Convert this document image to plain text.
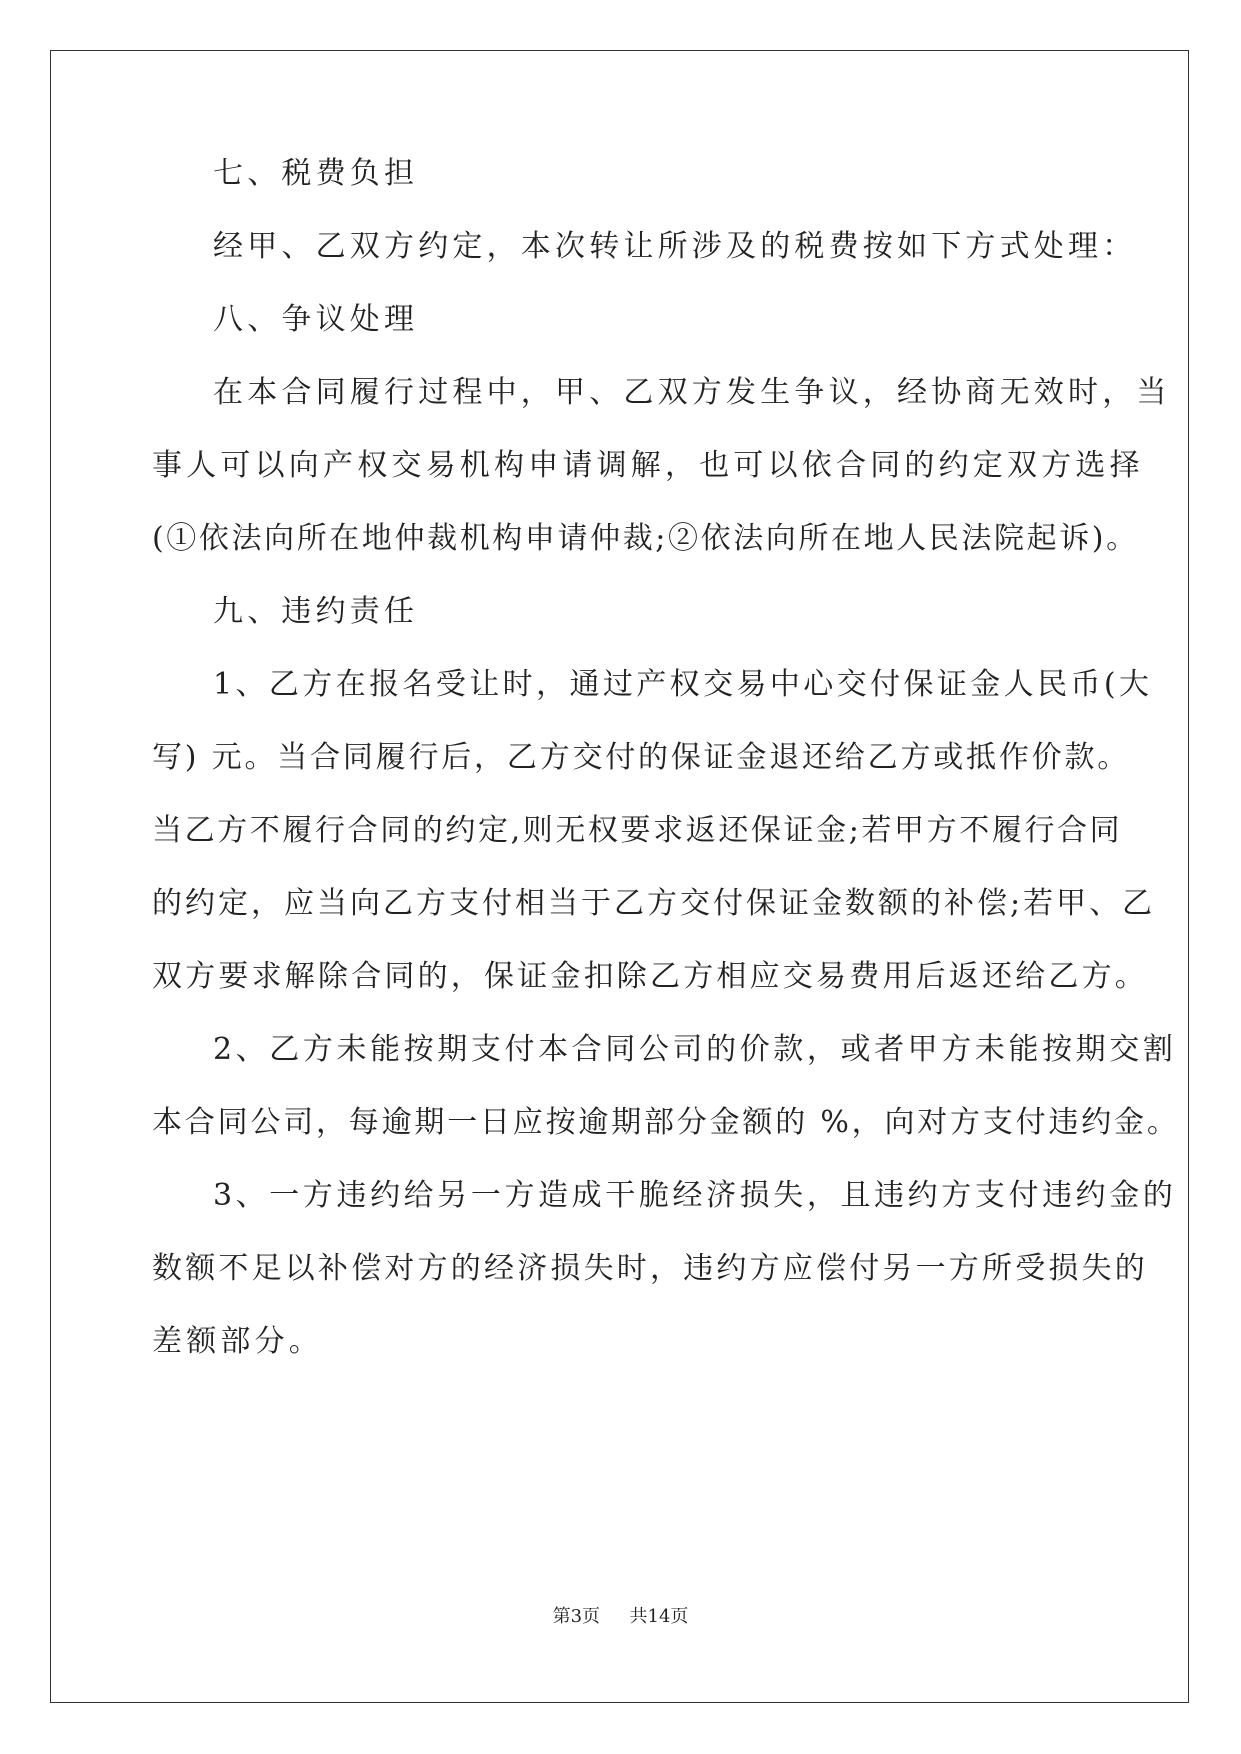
七、税费负担
经甲、乙双方约定，本次转让所涉及的税费按如下方式处理：
八、争议处理
在本合同履行过程中，甲、乙双方发生争议，经协商无效时，当
事人可以向产权交易机构申请调解，也可以依合同的约定双方选择
(①依法向所在地仲裁机构申请仲裁;②依法向所在地人民法院起诉)。
九、违约责任
1、乙方在报名受让时，通过产权交易中心交付保证金人民币(大
写) 元。当合同履行后，乙方交付的保证金退还给乙方或抵作价款。
当乙方不履行合同的约定,则无权要求返还保证金;若甲方不履行合同
的约定，应当向乙方支付相当于乙方交付保证金数额的补偿;若甲、乙
双方要求解除合同的，保证金扣除乙方相应交易费用后返还给乙方。
2、乙方未能按期支付本合同公司的价款，或者甲方未能按期交割
本合同公司，每逾期一日应按逾期部分金额的 %，向对方支付违约金。
3、一方违约给另一方造成干脆经济损失，且违约方支付违约金的
数额不足以补偿对方的经济损失时，违约方应偿付另一方所受损失的
差额部分。
第3页 共14页
